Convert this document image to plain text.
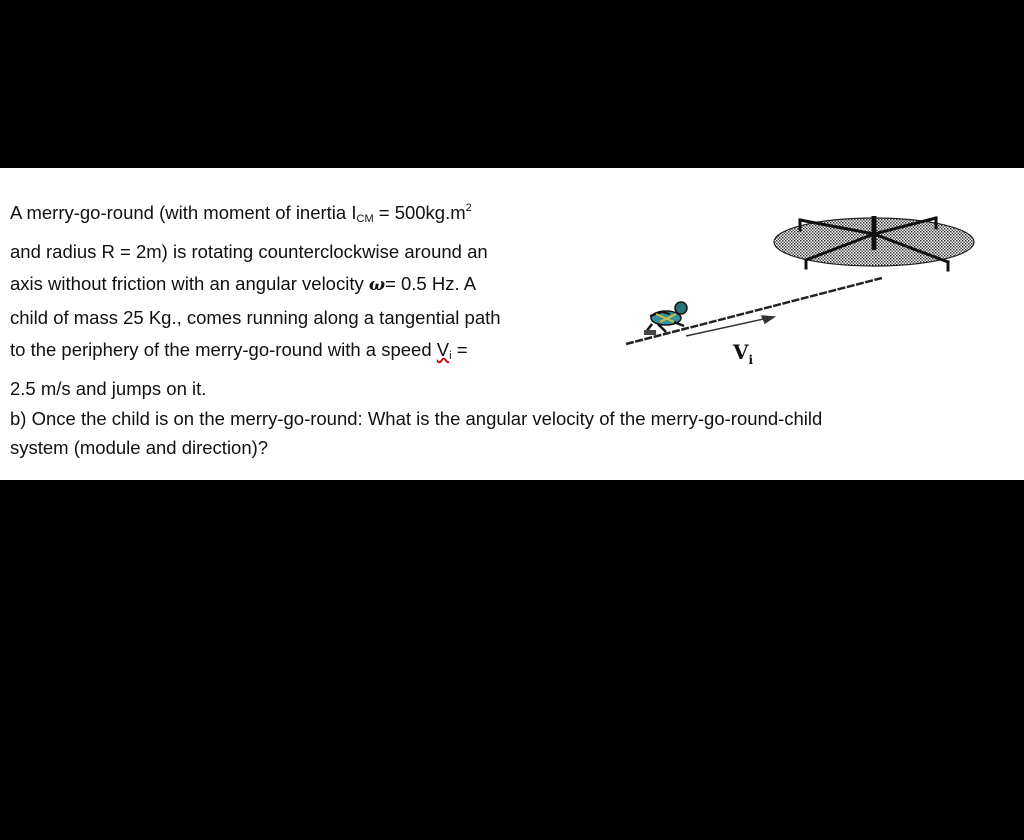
A merry-go-round (with moment of inertia $I_{CM} = 500kg.m^2$
and radius R = 2m) is rotating counterclockwise around an
axis without friction with an angular velocity ω= 0.5 Hz. A
child of mass 25 Kg., comes running along a tangential path
to the periphery of the merry-go-round with a speed $V_i$ =
2.5 m/s and jumps on it.
$V_i$
b) Once the child is on the merry-go-round: What is the angular velocity of the merry-go-round-child
system (module and direction)?
